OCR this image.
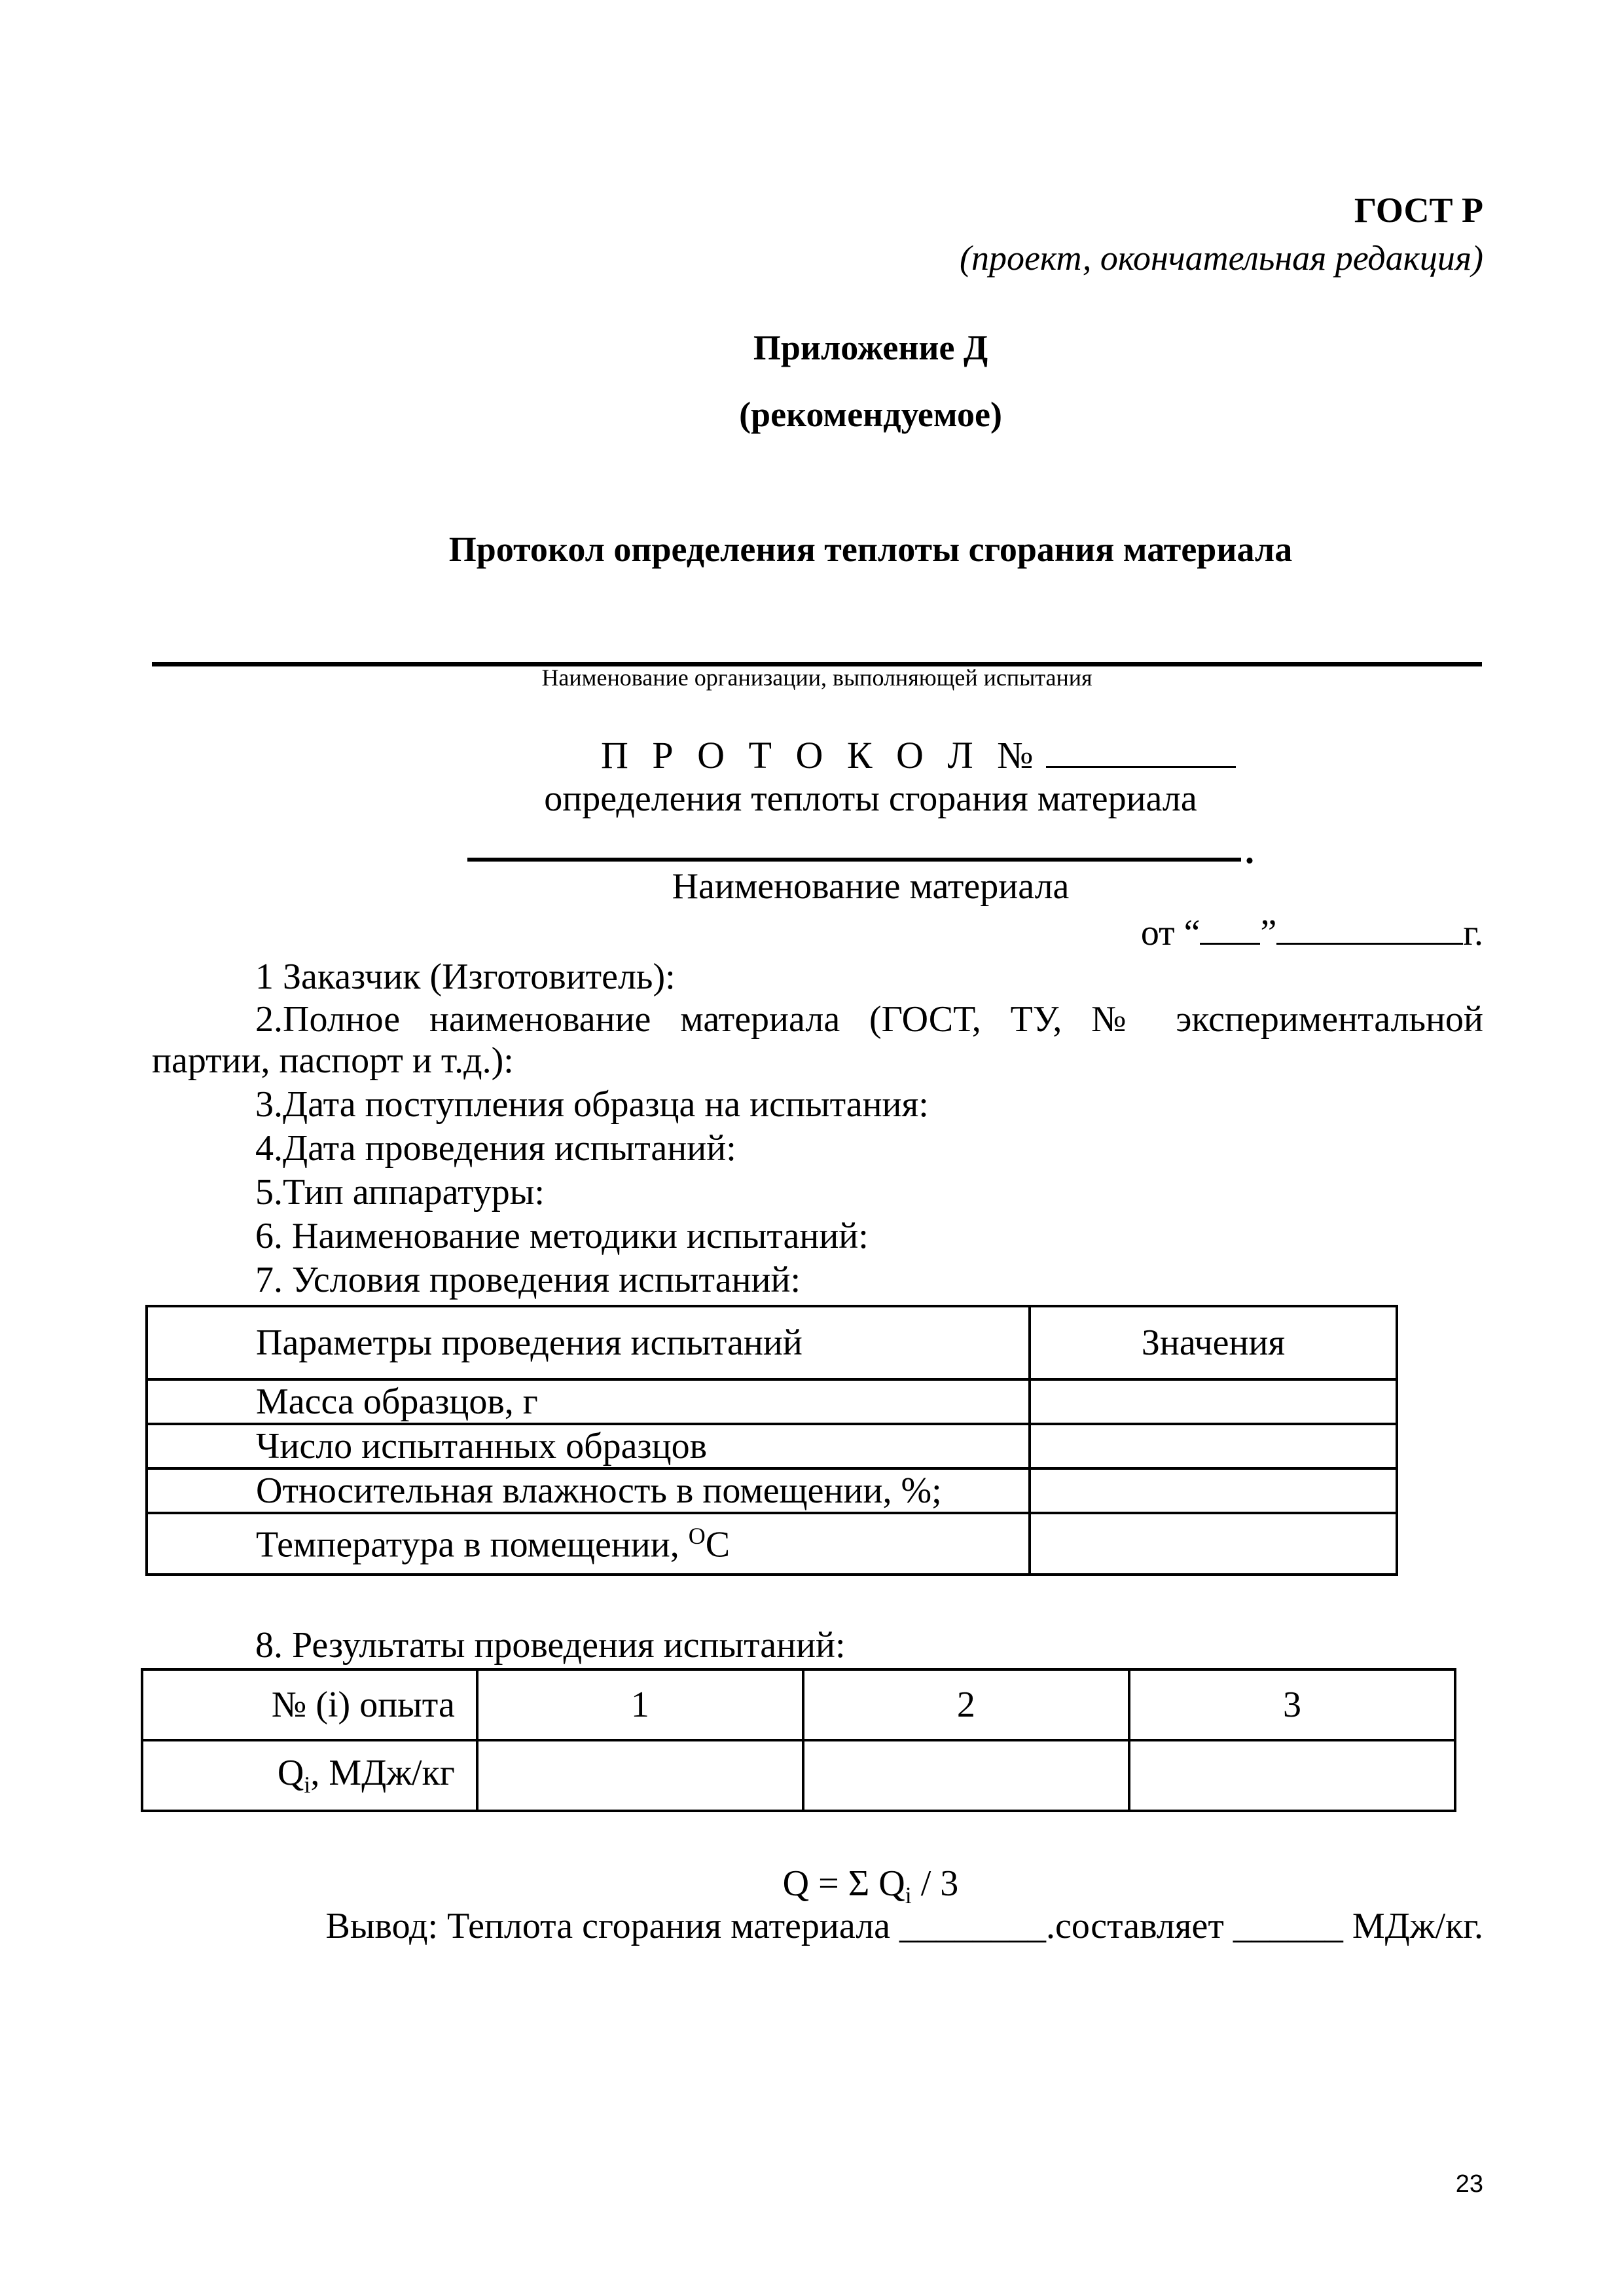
ГОСТ Р
(проект, окончательная редакция)
Приложение Д
(рекомендуемое)
Протокол определения теплоты сгорания материала
Наименование организации, выполняющей испытания
П Р О Т О К О Л №
определения теплоты сгорания материала
.
Наименование материала
от “ ”	г.
1 Заказчик (Изготовитель):
2.Полное наименование материала (ГОСТ, ТУ, № экспериментальной
партии, паспорт и т.д.):
3.Дата поступления образца на испытания:
4.Дата проведения испытаний:
5.Тип аппаратуры:
6. Наименование методики испытаний:
7. Условия проведения испытаний:
Параметры проведения испытаний	Значения
Масса образцов, г	
Число испытанных образцов	
Относительная влажность в помещении, %;	
Температура в помещении, $^О$С	
8. Результаты проведения испытаний:
№ (i) опыта	1	2	3
$Q_i$, МДж/кг			
Q = Σ $Q_i / 3$
Вывод: Теплота сгорания материала ________.составляет ______ МДж/кг.
23
